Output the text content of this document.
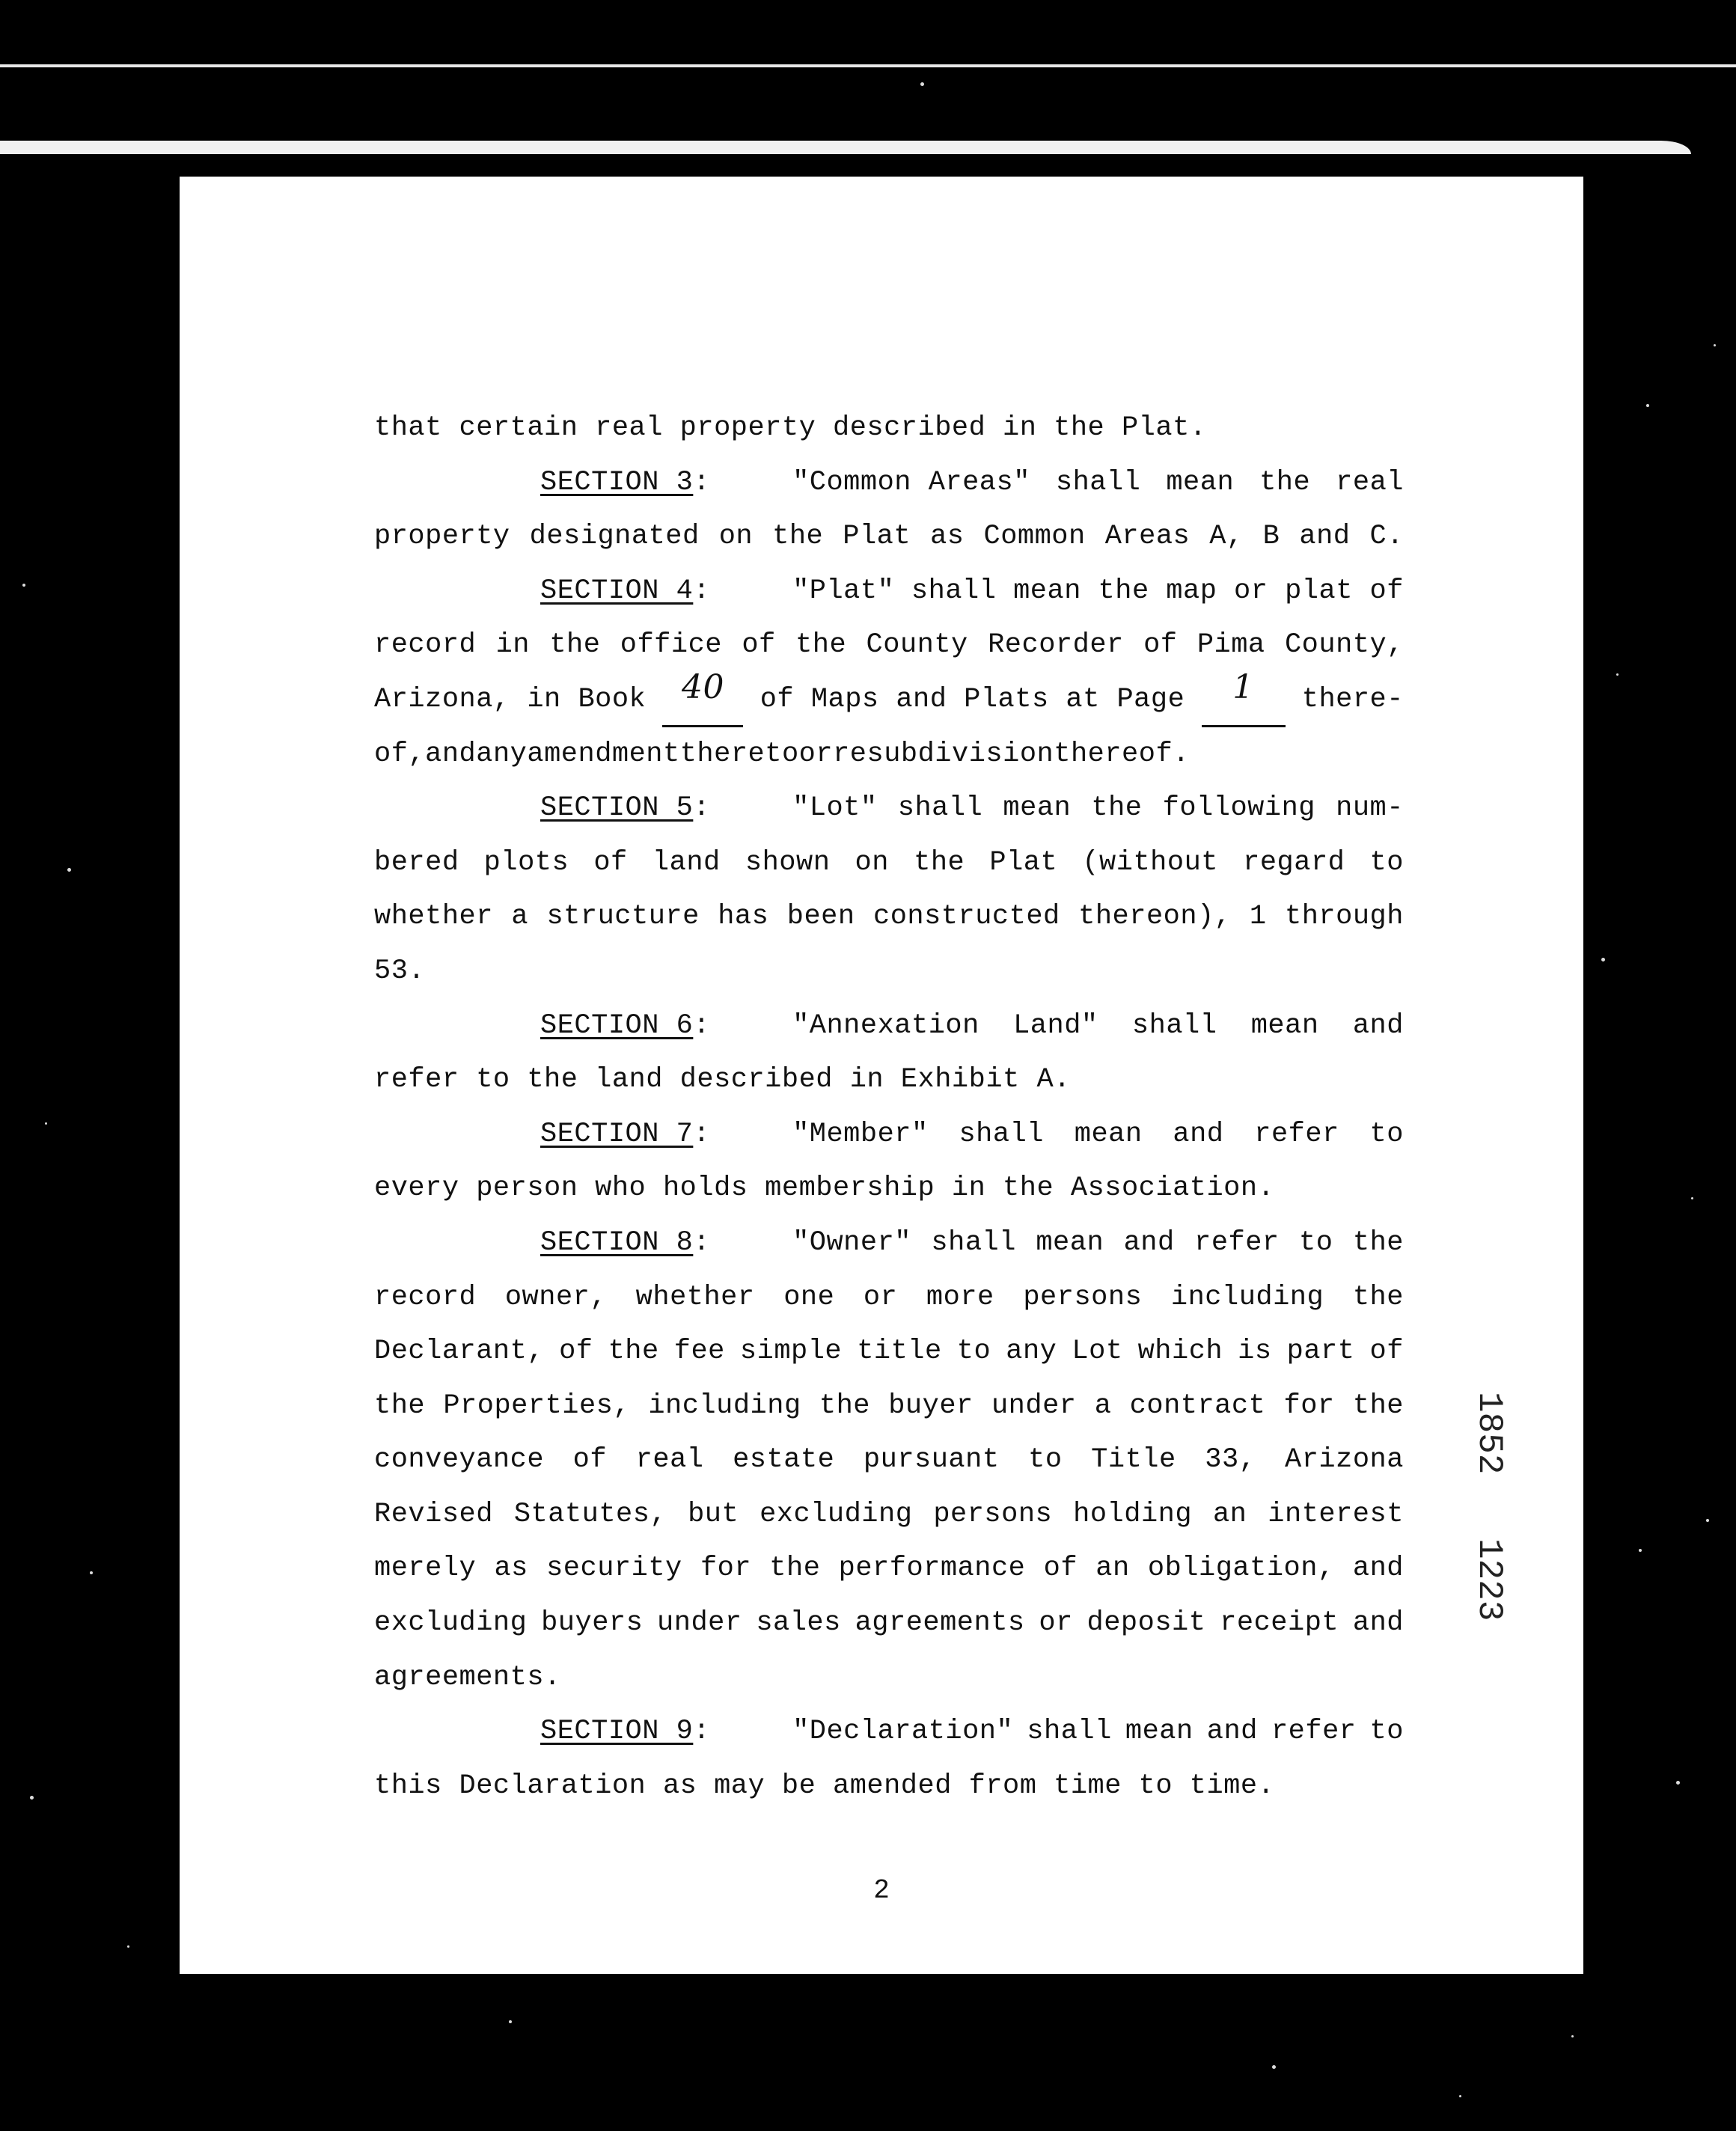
that certain real property described in the Plat.
SECTION 3:	"Common Areas" shall mean the real
property designated on the Plat as Common Areas A, B and C.
SECTION 4:	"Plat" shall mean the map or plat of
record in the office of the County Recorder of Pima County,
Arizona, in Book	40	of Maps and Plats at Page	1	there-
of, and any amendment thereto or resubdivision thereof.
SECTION 5:	"Lot" shall mean the following num-
bered plots of land shown on the Plat (without regard to
whether a structure has been constructed thereon), 1 through
53.
SECTION 6:	"Annexation Land" shall mean and
refer to the land described in Exhibit A.
SECTION 7:	"Member" shall mean and refer to
every person who holds membership in the Association.
SECTION 8:	"Owner" shall mean and refer to the
record owner, whether one or more persons including the
Declarant, of the fee simple title to any Lot which is part of
the Properties, including the buyer under a contract for the
conveyance of real estate pursuant to Title 33, Arizona
Revised Statutes, but excluding persons holding an interest
merely as security for the performance of an obligation, and
excluding buyers under sales agreements or deposit receipt and
agreements.
SECTION 9:	"Declaration" shall mean and refer to
this Declaration as may be amended from time to time.
2
1852
1223
